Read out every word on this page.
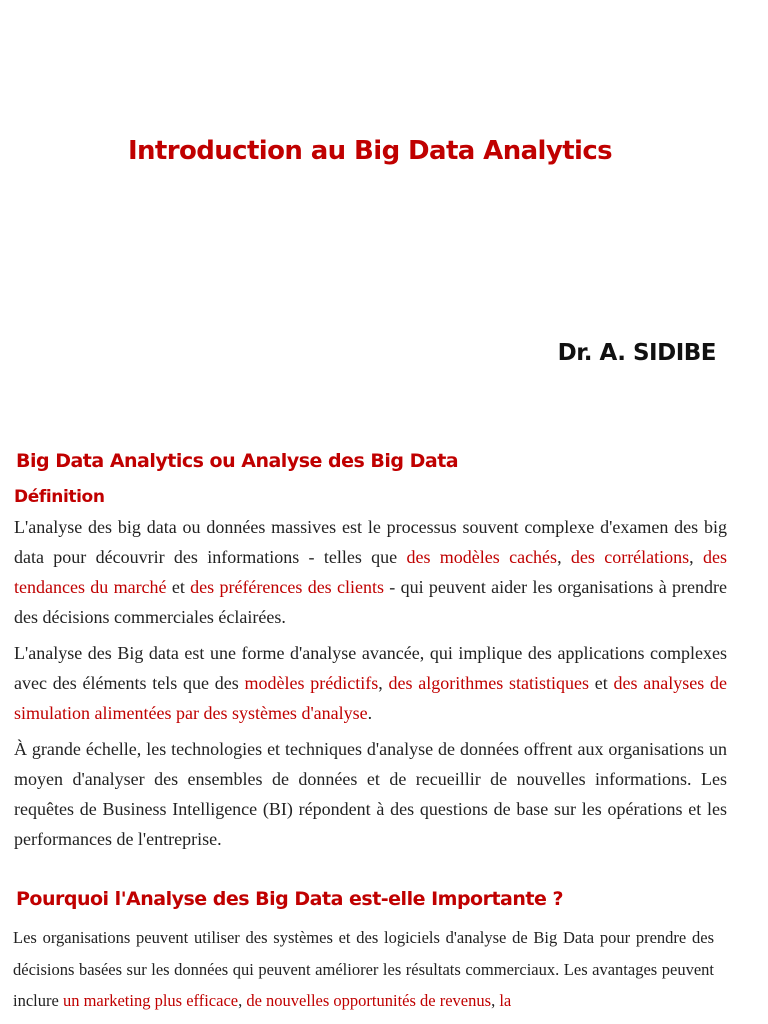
Introduction au Big Data Analytics
Dr. A. SIDIBE
Big Data Analytics ou Analyse des Big Data
Définition

L'analyse des big data ou données massives est le processus souvent complexe d'examen des big data pour découvrir des informations - telles que des modèles cachés, des corrélations, des tendances du marché et des préférences des clients - qui peuvent aider les organisations à prendre des décisions commerciales éclairées.

L'analyse des Big data est une forme d'analyse avancée, qui implique des applications complexes avec des éléments tels que des modèles prédictifs, des algorithmes statistiques et des analyses de simulation alimentées par des systèmes d'analyse.

À grande échelle, les technologies et techniques d'analyse de données offrent aux organisations un moyen d'analyser des ensembles de données et de recueillir de nouvelles informations. Les requêtes de Business Intelligence (BI) répondent à des questions de base sur les opérations et les performances de l'entreprise.

Pourquoi l'Analyse des Big Data est-elle Importante ?

Les organisations peuvent utiliser des systèmes et des logiciels d'analyse de Big Data pour prendre des décisions basées sur les données qui peuvent améliorer les résultats commerciaux. Les avantages peuvent inclure un marketing plus efficace, de nouvelles opportunités de revenus, la
